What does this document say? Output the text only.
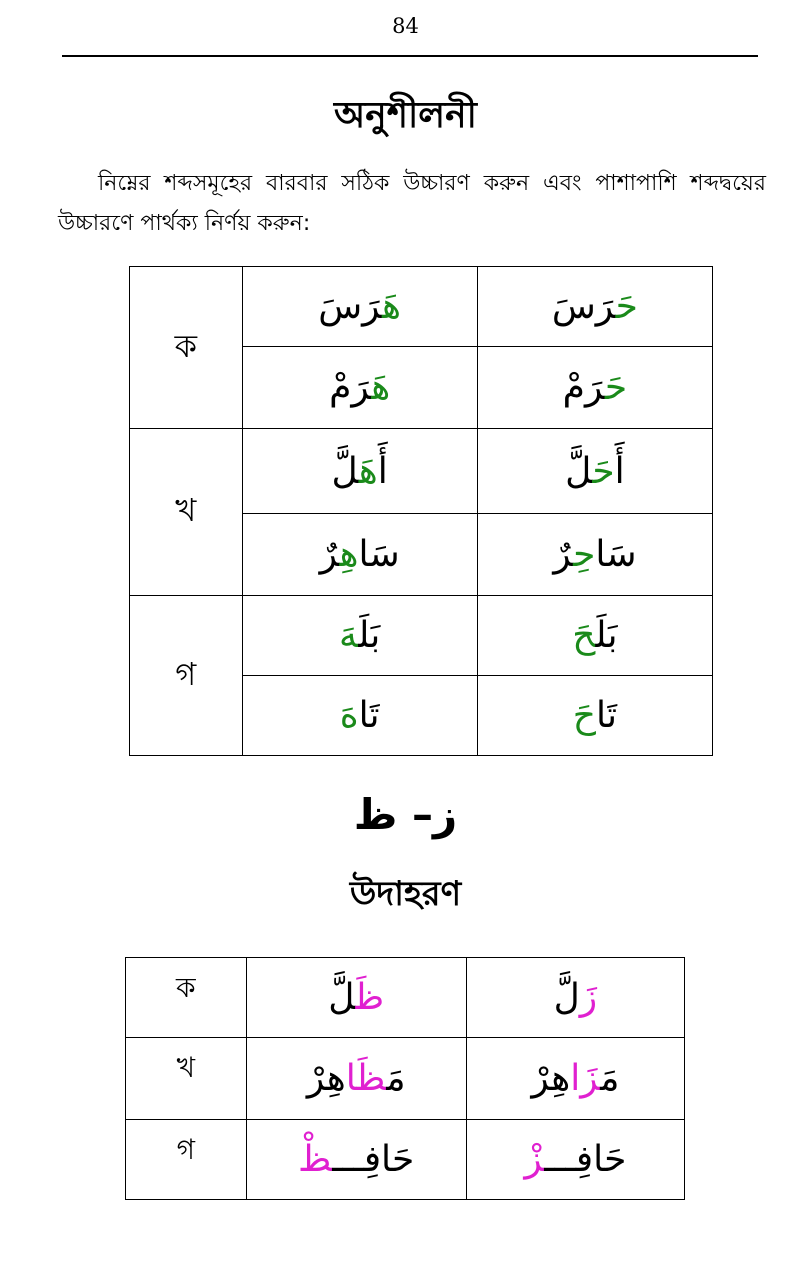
84
অনুশীলনী

নিম্নের শব্দসমূহের বারবার সঠিক উচ্চারণ করুন এবং পাশাপাশি শব্দদ্বয়ের উচ্চারণে পার্থক্য নির্ণয় করুন:

ক	هَرَسَ	حَرَسَ
	هَرَمْ	حَرَمْ
খ	أَهَلَّ	أَحَلَّ
	سَاهِرٌ	سَاحِرٌ
গ	بَلَهَ	بَلَحَ
	تَاهَ	تَاحَ
ز– ظ
উদাহরণ
ক	ظَلَّ	زَلَّ
খ	مَظَاهِرْ	مَزَاهِرْ
গ	حَافِـــظْ	حَافِـــزْ
